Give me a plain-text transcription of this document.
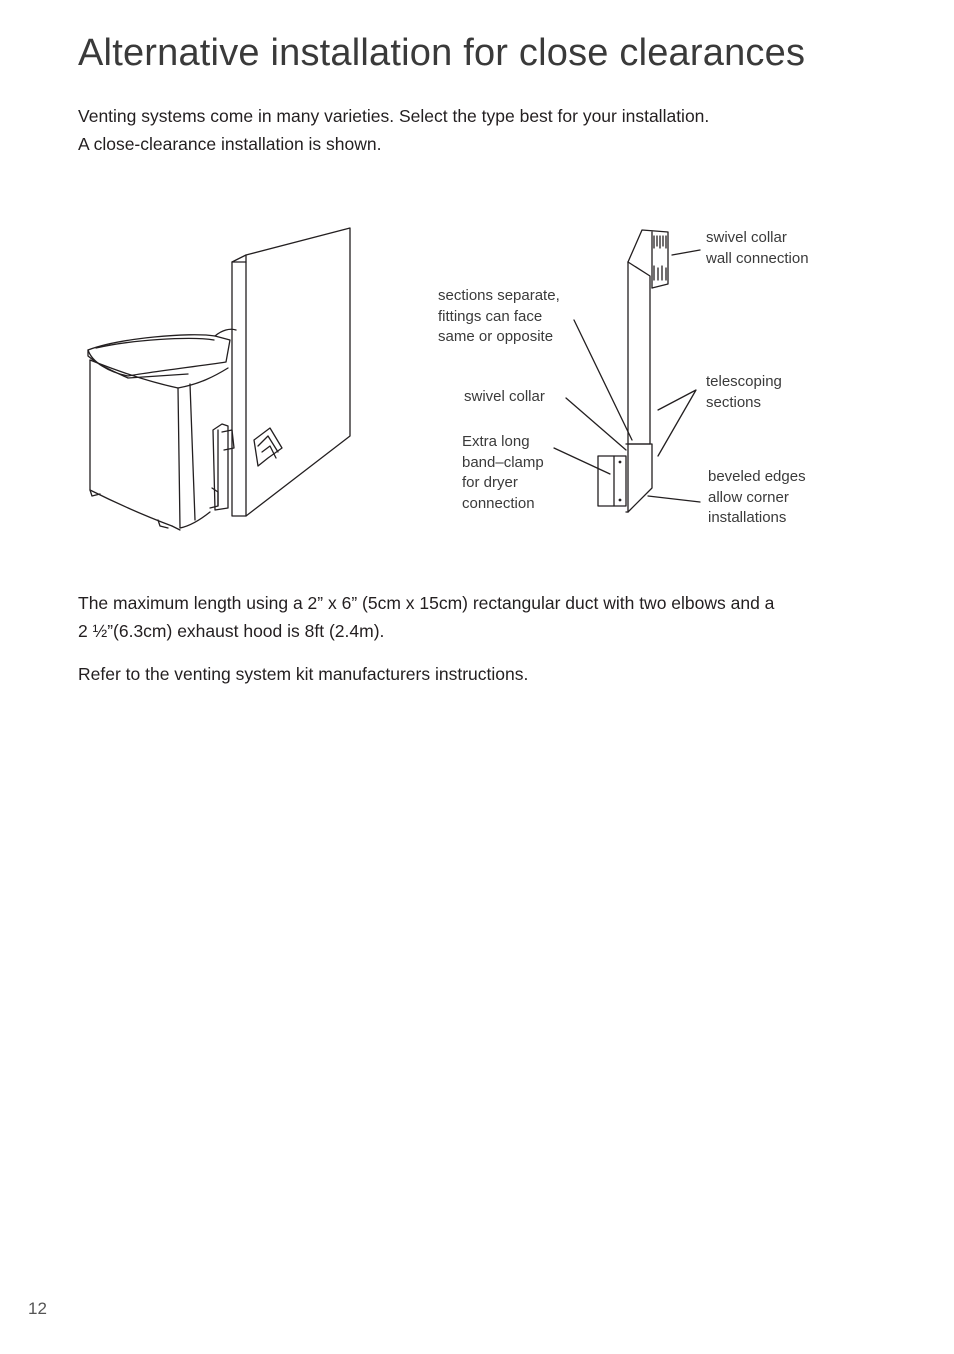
Alternative installation for close clearances

Venting systems come in many varieties. Select the type best for your installation.
A close-clearance installation is shown.

swivel collar
wall connection

sections separate,
fittings can face
same or opposite

telescoping
sections

swivel collar

Extra long
band–clamp
for dryer
connection

beveled edges
allow corner
installations

The maximum length using a 2” x 6” (5cm x 15cm) rectangular duct with two elbows and a
2 ½”(6.3cm) exhaust hood is 8ft (2.4m).

Refer to the venting system kit manufacturers instructions.

12
